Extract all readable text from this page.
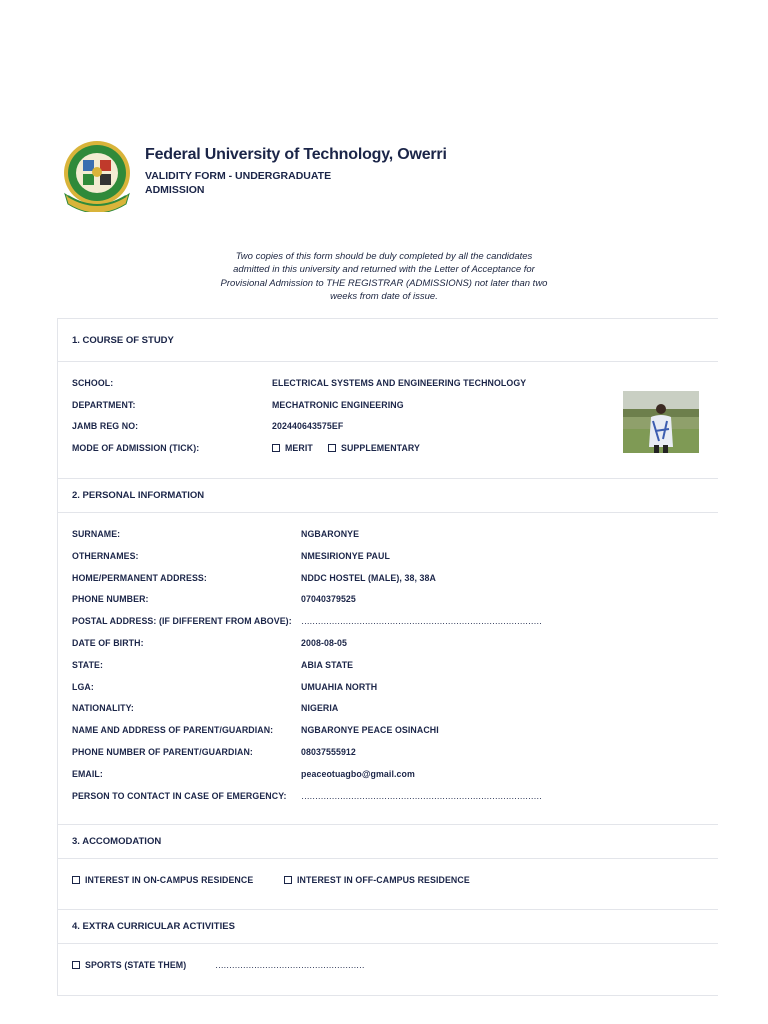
Federal University of Technology, Owerri
VALIDITY FORM - UNDERGRADUATE
ADMISSION
Two copies of this form should be duly completed by all the candidates
admitted in this university and returned with the Letter of Acceptance for
Provisional Admission to THE REGISTRAR (ADMISSIONS) not later than two
weeks from date of issue.
1. COURSE OF STUDY
SCHOOL:	ELECTRICAL SYSTEMS AND ENGINEERING TECHNOLOGY
DEPARTMENT:	MECHATRONIC ENGINEERING
JAMB REG NO:	202440643575EF
MODE OF ADMISSION (TICK):	MERIT	SUPPLEMENTARY
2. PERSONAL INFORMATION
SURNAME:	NGBARONYE
OTHERNAMES:	NMESIRIONYE PAUL
HOME/PERMANENT ADDRESS:	NDDC HOSTEL (MALE), 38, 38A
PHONE NUMBER:	07040379525
POSTAL ADDRESS: (IF DIFFERENT FROM ABOVE): ……………………………………………………………………………
DATE OF BIRTH:	2008-08-05
STATE:	ABIA STATE
LGA:	UMUAHIA NORTH
NATIONALITY:	NIGERIA
NAME AND ADDRESS OF PARENT/GUARDIAN:	NGBARONYE PEACE OSINACHI
PHONE NUMBER OF PARENT/GUARDIAN:	08037555912
EMAIL:	peaceotuagbo@gmail.com
PERSON TO CONTACT IN CASE OF EMERGENCY: ……………………………………………………………………………
3. ACCOMODATION
INTEREST IN ON-CAMPUS RESIDENCE	INTEREST IN OFF-CAMPUS RESIDENCE
4. EXTRA CURRICULAR ACTIVITIES
SPORTS (STATE THEM)	………………………………………………
